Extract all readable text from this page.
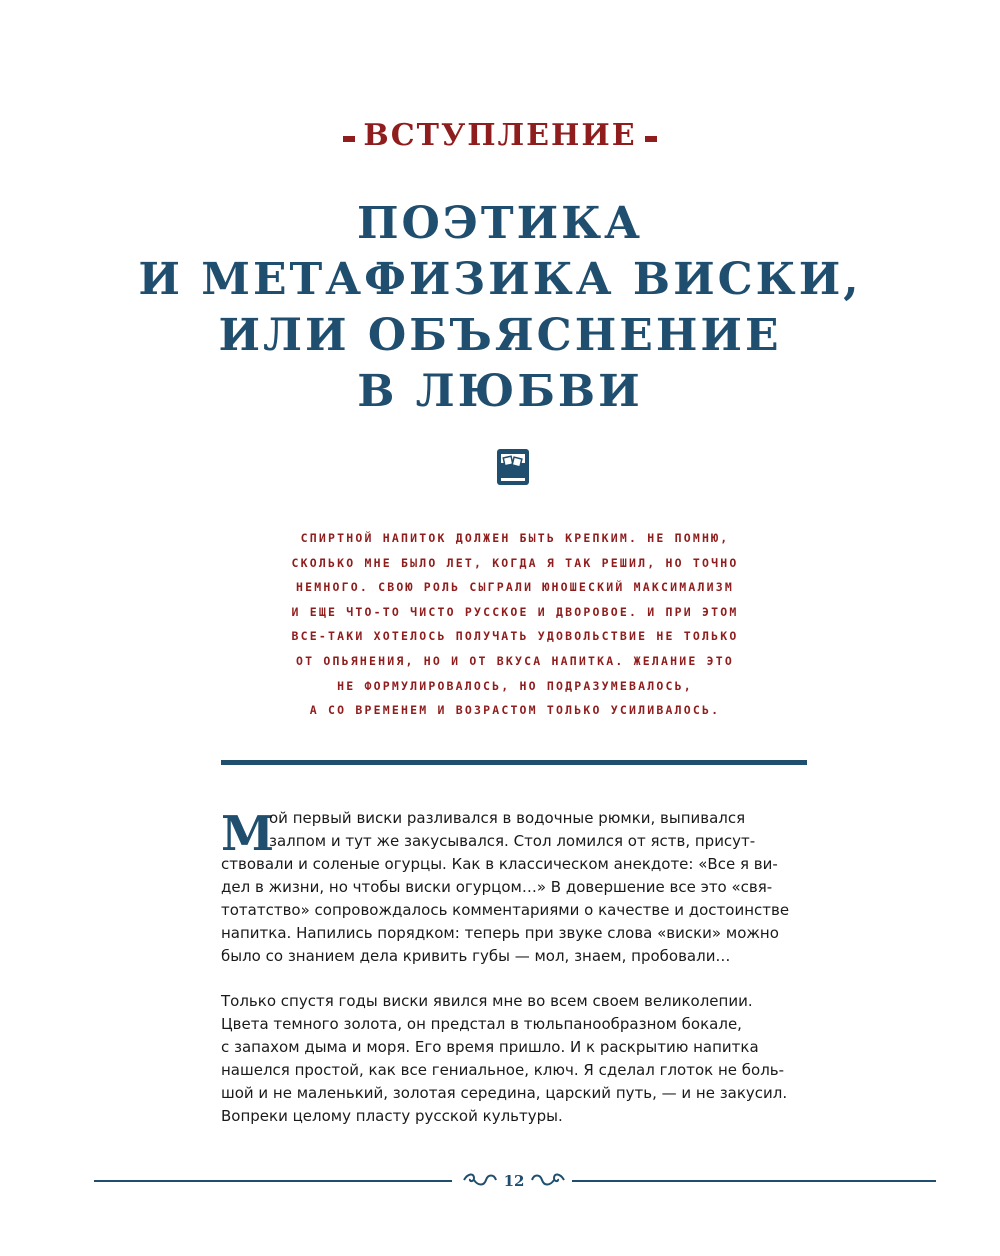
ВСТУПЛЕНИЕ
ПОЭТИКА
И МЕТАФИЗИКА ВИСКИ,
ИЛИ ОБЪЯСНЕНИЕ
В ЛЮБВИ
СПИРТНОЙ НАПИТОК ДОЛЖЕН БЫТЬ КРЕПКИМ. НЕ ПОМНЮ,
СКОЛЬКО МНЕ БЫЛО ЛЕТ, КОГДА Я ТАК РЕШИЛ, НО ТОЧНО
НЕМНОГО. СВОЮ РОЛЬ СЫГРАЛИ ЮНОШЕСКИЙ МАКСИМАЛИЗМ
И ЕЩЕ ЧТО-ТО ЧИСТО РУССКОЕ И ДВОРОВОЕ. И ПРИ ЭТОМ
ВСЕ-ТАКИ ХОТЕЛОСЬ ПОЛУЧАТЬ УДОВОЛЬСТВИЕ НЕ ТОЛЬКО
ОТ ОПЬЯНЕНИЯ, НО И ОТ ВКУСА НАПИТКА. ЖЕЛАНИЕ ЭТО
НЕ ФОРМУЛИРОВАЛОСЬ, НО ПОДРАЗУМЕВАЛОСЬ,
А СО ВРЕМЕНЕМ И ВОЗРАСТОМ ТОЛЬКО УСИЛИВАЛОСЬ.
М
ой первый виски разливался в водочные рюмки, выпивался
залпом и тут же закусывался. Стол ломился от яств, присут-
ствовали и соленые огурцы. Как в классическом анекдоте: «Все я ви-
дел в жизни, но чтобы виски огурцом…» В довершение все это «свя-
тотатство» сопровождалось комментариями о качестве и достоинстве
напитка. Напились порядком: теперь при звуке слова «виски» можно
было со знанием дела кривить губы — мол, знаем, пробовали…
Только спустя годы виски явился мне во всем своем великолепии.
Цвета темного золота, он предстал в тюльпанообразном бокале,
с запахом дыма и моря. Его время пришло. И к раскрытию напитка
нашелся простой, как все гениальное, ключ. Я сделал глоток не боль-
шой и не маленький, золотая середина, царский путь, — и не закусил.
Вопреки целому пласту русской культуры.
12
